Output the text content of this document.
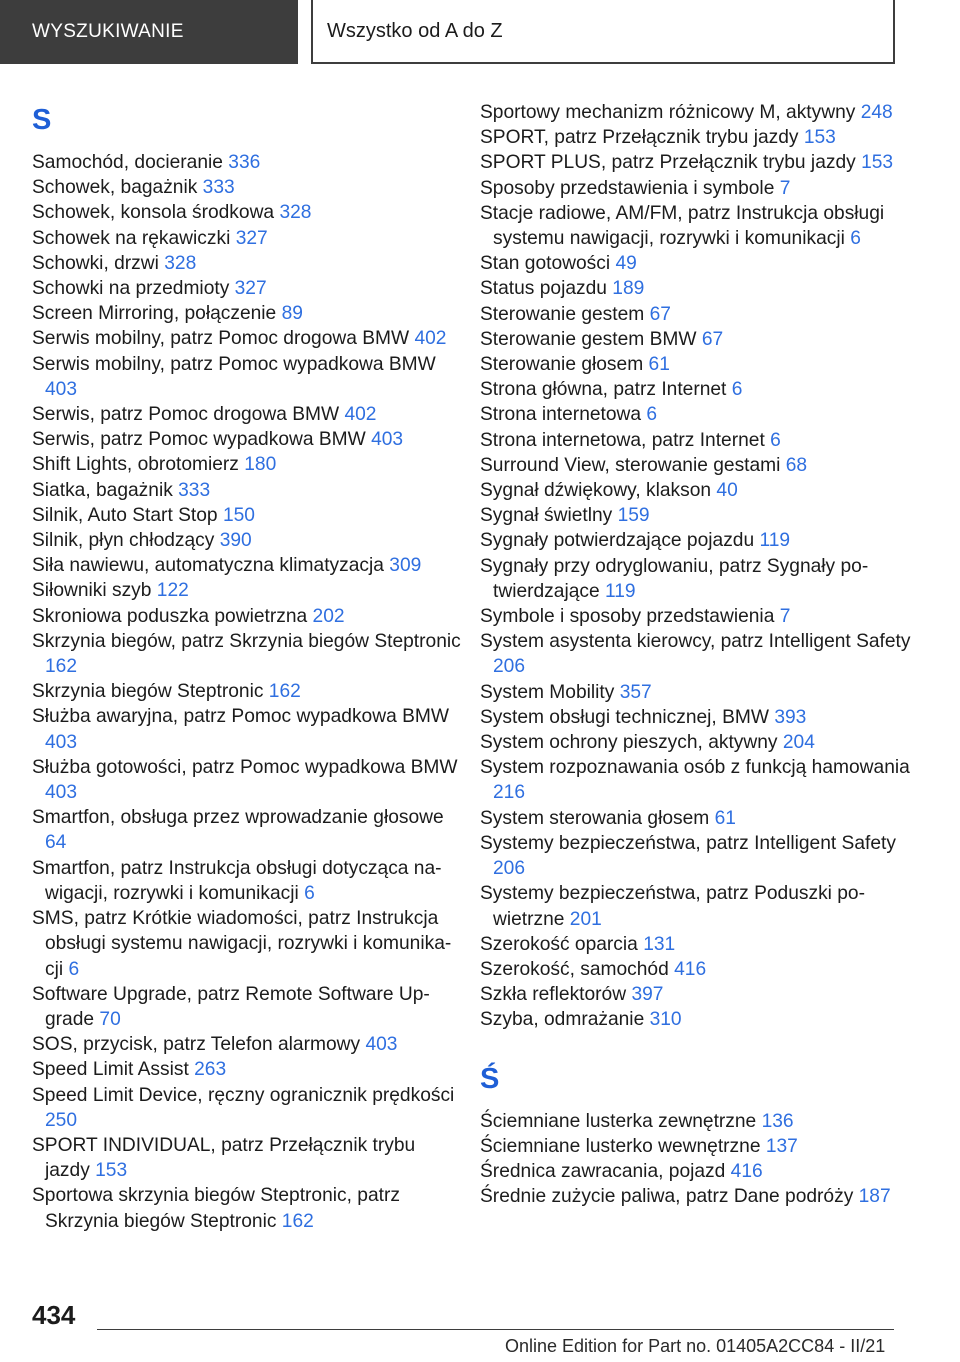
WYSZUKIWANIE	Wszystko od A do Z
S
Samochód, docieranie 336
Schowek, bagażnik 333
Schowek, konsola środkowa 328
Schowek na rękawiczki 327
Schowki, drzwi 328
Schowki na przedmioty 327
Screen Mirroring, połączenie 89
Serwis mobilny, patrz Pomoc drogowa BMW 402
Serwis mobilny, patrz Pomoc wypadkowa BMW 403
Serwis, patrz Pomoc drogowa BMW 402
Serwis, patrz Pomoc wypadkowa BMW 403
Shift Lights, obrotomierz 180
Siatka, bagażnik 333
Silnik, Auto Start Stop 150
Silnik, płyn chłodzący 390
Siła nawiewu, automatyczna klimatyzacja 309
Siłowniki szyb 122
Skroniowa poduszka powietrzna 202
Skrzynia biegów, patrz Skrzynia biegów Steptronic 162
Skrzynia biegów Steptronic 162
Służba awaryjna, patrz Pomoc wypadkowa BMW 403
Służba gotowości, patrz Pomoc wypadkowa BMW 403
Smartfon, obsługa przez wprowadzanie głosowe 64
Smartfon, patrz Instrukcja obsługi dotycząca nawigacji, rozrywki i komunikacji 6
SMS, patrz Krótkie wiadomości, patrz Instrukcja obsługi systemu nawigacji, rozrywki i komunikacji 6
Software Upgrade, patrz Remote Software Upgrade 70
SOS, przycisk, patrz Telefon alarmowy 403
Speed Limit Assist 263
Speed Limit Device, ręczny ogranicznik prędkości 250
SPORT INDIVIDUAL, patrz Przełącznik trybu jazdy 153
Sportowa skrzynia biegów Steptronic, patrz Skrzynia biegów Steptronic 162
Sportowy mechanizm różnicowy M, aktywny 248
SPORT, patrz Przełącznik trybu jazdy 153
SPORT PLUS, patrz Przełącznik trybu jazdy 153
Sposoby przedstawienia i symbole 7
Stacje radiowe, AM/FM, patrz Instrukcja obsługi systemu nawigacji, rozrywki i komunikacji 6
Stan gotowości 49
Status pojazdu 189
Sterowanie gestem 67
Sterowanie gestem BMW 67
Sterowanie głosem 61
Strona główna, patrz Internet 6
Strona internetowa 6
Strona internetowa, patrz Internet 6
Surround View, sterowanie gestami 68
Sygnał dźwiękowy, klakson 40
Sygnał świetlny 159
Sygnały potwierdzające pojazdu 119
Sygnały przy odryglowaniu, patrz Sygnały potwierdzające 119
Symbole i sposoby przedstawienia 7
System asystenta kierowcy, patrz Intelligent Safety 206
System Mobility 357
System obsługi technicznej, BMW 393
System ochrony pieszych, aktywny 204
System rozpoznawania osób z funkcją hamowania 216
System sterowania głosem 61
Systemy bezpieczeństwa, patrz Intelligent Safety 206
Systemy bezpieczeństwa, patrz Poduszki powietrzne 201
Szerokość oparcia 131
Szerokość, samochód 416
Szkła reflektorów 397
Szyba, odmrażanie 310
Ś
Ściemniane lusterka zewnętrzne 136
Ściemniane lusterko wewnętrzne 137
Średnica zawracania, pojazd 416
Średnie zużycie paliwa, patrz Dane podróży 187
434
Online Edition for Part no. 01405A2CC84 - II/21
